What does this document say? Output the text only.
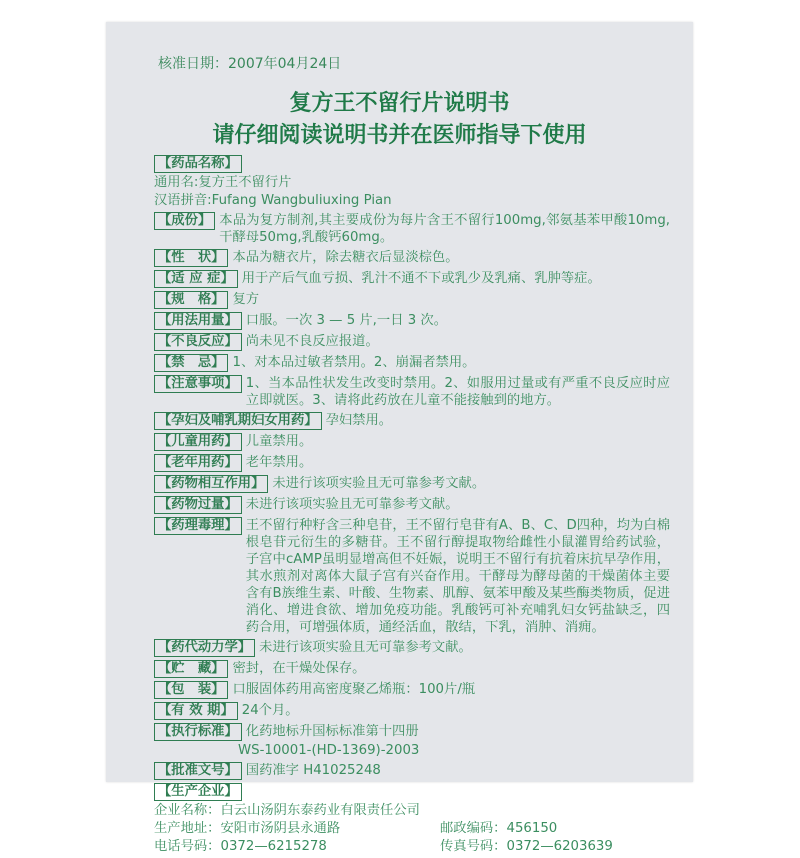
核准日期：2007年04月24日
复方王不留行片说明书
请仔细阅读说明书并在医师指导下使用
【药品名称】
通用名:复方王不留行片
汉语拼音:Fufang Wangbuliuxing Pian
【成份】 本品为复方制剂,其主要成份为每片含王不留行100mg,邻氨基苯甲酸10mg,干酵母50mg,乳酸钙60mg。
【性　状】 本品为糖衣片，除去糖衣后显淡棕色。
【适 应 症】 用于产后气血亏损、乳汁不通不下或乳少及乳痛、乳肿等症。
【规　格】 复方
【用法用量】 口服。一次 3 — 5 片,一日 3 次。
【不良反应】 尚未见不良反应报道。
【禁　忌】 1、对本品过敏者禁用。2、崩漏者禁用。
【注意事项】 1、当本品性状发生改变时禁用。2、如服用过量或有严重不良反应时应立即就医。3、请将此药放在儿童不能接触到的地方。
【孕妇及哺乳期妇女用药】 孕妇禁用。
【儿童用药】 儿童禁用。
【老年用药】 老年禁用。
【药物相互作用】 未进行该项实验且无可靠参考文献。
【药物过量】 未进行该项实验且无可靠参考文献。
【药理毒理】 王不留行种籽含三种皂苷，王不留行皂苷有A、B、C、D四种，均为白棉根皂苷元衍生的多糖苷。王不留行醇提取物给雌性小鼠灌胃给药试验，子宫中cAMP虽明显增高但不妊娠，说明王不留行有抗着床抗早孕作用，其水煎剂对离体大鼠子宫有兴奋作用。干酵母为酵母菌的干燥菌体主要含有B族维生素、叶酸、生物素、肌醇、氨苯甲酸及某些酶类物质，促进消化、增进食欲、增加免疫功能。乳酸钙可补充哺乳妇女钙盐缺乏，四药合用，可增强体质，通经活血，散结，下乳，消肿、消痈。
【药代动力学】 未进行该项实验且无可靠参考文献。
【贮　藏】 密封，在干燥处保存。
【包　装】 口服固体药用高密度聚乙烯瓶：100片/瓶
【有 效 期】 24个月。
【执行标准】 化药地标升国标标准第十四册
WS-10001-(HD-1369)-2003
【批准文号】 国药准字 H41025248
【生产企业】
企业名称：白云山汤阴东泰药业有限责任公司
生产地址：安阳市汤阴县永通路	邮政编码：456150
电话号码：0372—6215278	传真号码：0372—6203639
